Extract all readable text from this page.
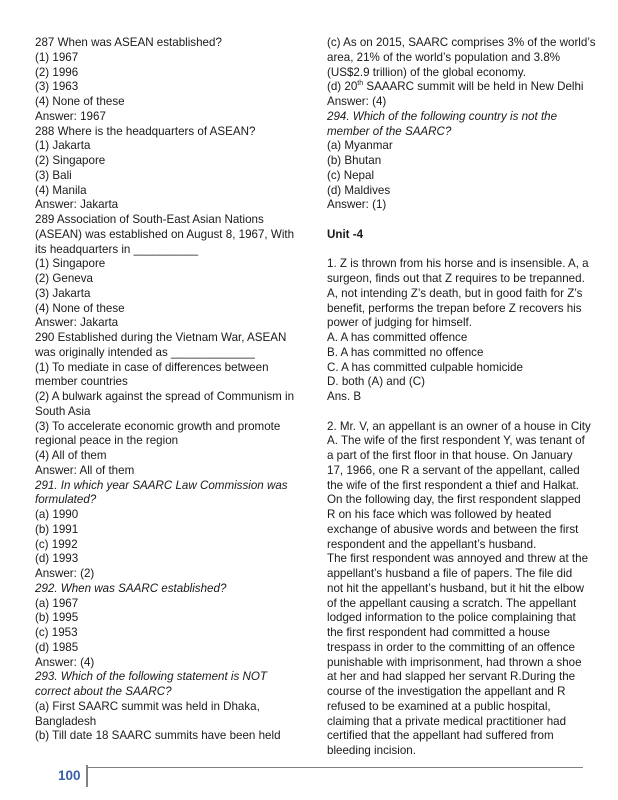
287 When was ASEAN established?
(1) 1967
(2) 1996
(3) 1963
(4) None of these
Answer: 1967
288 Where is the headquarters of ASEAN?
(1) Jakarta
(2) Singapore
(3) Bali
(4) Manila
Answer: Jakarta
289 Association of South-East Asian Nations
(ASEAN) was established on August 8, 1967, With
its headquarters in __________
(1) Singapore
(2) Geneva
(3) Jakarta
(4) None of these
Answer: Jakarta
290 Established during the Vietnam War, ASEAN
was originally intended as _____________
(1) To mediate in case of differences between
member countries
(2) A bulwark against the spread of Communism in
South Asia
(3) To accelerate economic growth and promote
regional peace in the region
(4) All of them
Answer: All of them
291. In which year SAARC Law Commission was
formulated?
(a) 1990
(b) 1991
(c) 1992
(d) 1993
Answer: (2)
292. When was SAARC established?
(a) 1967
(b) 1995
(c) 1953
(d) 1985
Answer: (4)
293. Which of the following statement is NOT
correct about the SAARC?
(a) First SAARC summit was held in Dhaka,
Bangladesh
(b) Till date 18 SAARC summits have been held
(c) As on 2015, SAARC comprises 3% of the world’s
area, 21% of the world’s population and 3.8%
(US$2.9 trillion) of the global economy.
(d) 20th SAAARC summit will be held in New Delhi
Answer: (4)
294. Which of the following country is not the
member of the SAARC?
(a) Myanmar
(b) Bhutan
(c) Nepal
(d) Maldives
Answer: (1)
Unit -4
1. Z is thrown from his horse and is insensible. A, a
surgeon, finds out that Z requires to be trepanned.
A, not intending Z’s death, but in good faith for Z’s
benefit, performs the trepan before Z recovers his
power of judging for himself.
A. A has committed offence
B. A has committed no offence
C. A has committed culpable homicide
D. both (A) and (C)
Ans. B
2. Mr. V, an appellant is an owner of a house in City
A. The wife of the first respondent Y, was tenant of
a part of the first floor in that house. On January
17, 1966, one R a servant of the appellant, called
the wife of the first respondent a thief and Halkat.
On the following day, the first respondent slapped
R on his face which was followed by heated
exchange of abusive words and between the first
respondent and the appellant’s husband.
The first respondent was annoyed and threw at the
appellant’s husband a file of papers. The file did
not hit the appellant’s husband, but it hit the elbow
of the appellant causing a scratch. The appellant
lodged information to the police complaining that
the first respondent had committed a house
trespass in order to the committing of an offence
punishable with imprisonment, had thrown a shoe
at her and had slapped her servant R.During the
course of the investigation the appellant and R
refused to be examined at a public hospital,
claiming that a private medical practitioner had
certified that the appellant had suffered from
bleeding incision.
100
